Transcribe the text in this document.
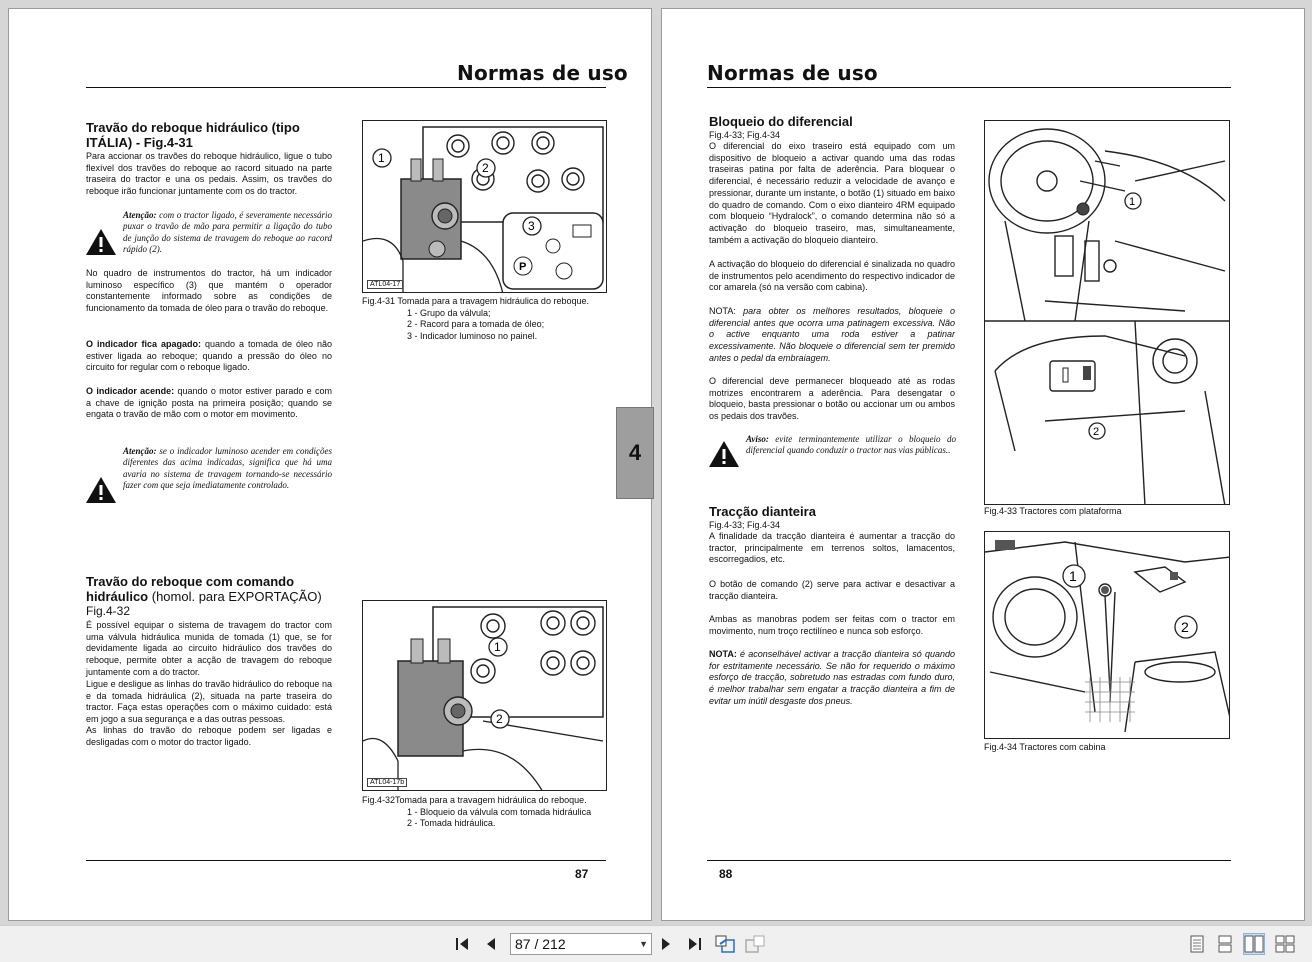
Normas de uso
Travão do reboque hidráulico (tipo
ITÁLIA) - Fig.4-31
Para accionar os travões do reboque hidráulico, ligue o tubo flexível dos travões do reboque ao racord situado na parte traseira do tractor e una os pedais. Assim, os travões do reboque irão funcionar juntamente com os do tractor.
Atenção: com o tractor ligado, é severamente necessário puxar o travão de mão para permitir a ligação do tubo de junção do sistema de travagem do reboque ao racord rápido (2).
No quadro de instrumentos do tractor, há um indicador luminoso específico (3) que mantém o operador constantemente informado sobre as condições de funcionamento da tomada de óleo para o travão do reboque.
O indicador fica apagado: quando a tomada de óleo não estiver ligada ao reboque; quando a pressão do óleo no circuito for regular com o reboque ligado.
O indicador acende: quando o motor estiver parado e com a chave de ignição posta na primeira posição; quando se engata o travão de mão com o motor em movimento.
Atenção: se o indicador luminoso acender em condições diferentes das acima indicadas, significa que há uma avaria no sistema de travagem tornando-se necessário fazer com que seja imediatamente controlado.
P
1
2
3
ATL04-17
Fig.4-31 Tomada para a travagem hidráulica do reboque.
1 - Grupo da válvula;
2 - Racord para a tomada de óleo;
3 - Indicador luminoso no painel.
Travão do reboque com comando
hidráulico (homol. para EXPORTAÇÃO)
Fig.4-32
É possível equipar o sistema de travagem do tractor com uma válvula hidráulica munida de tomada (1) que, se for devidamente ligada ao circuito hidráulico dos travões do reboque, permite obter a acção de travagem do reboque juntamente com a do tractor.
Ligue e desligue as linhas do travão hidráulico do reboque na e da tomada hidráulica (2), situada na parte traseira do tractor. Faça estas operações com o máximo cuidado: está em jogo a sua segurança e a das outras pessoas.
As linhas do travão do reboque podem ser ligadas e desligadas com o motor do tractor ligado.
1
2
ATL04-17b
Fig.4-32Tomada para a travagem hidráulica do reboque.
1 - Bloqueio da válvula com tomada hidráulica
2 - Tomada hidráulica.
87
4
Normas de uso
Bloqueio do diferencial
Fig.4-33; Fig.4-34
O diferencial do eixo traseiro está equipado com um dispositivo de bloqueio a activar quando uma das rodas traseiras patina por falta de aderência. Para bloquear o diferencial, é necessário reduzir a velocidade de avanço e pressionar, durante um instante, o botão (1) situado em baixo do quadro de comando. Com o eixo dianteiro 4RM equipado com bloqueio “Hydralock”, o comando determina não só a activação do bloqueio traseiro, mas, simultaneamente, também a activação do bloqueio dianteiro.
A activação do bloqueio do diferencial é sinalizada no quadro de instrumentos pelo acendimento do respectivo indicador de cor amarela (só na versão com cabina).
NOTA: para obter os melhores resultados, bloqueie o diferencial antes que ocorra uma patinagem excessiva. Não o active enquanto uma roda estiver a patinar excessivamente. Não bloqueie o diferencial sem ter premido antes o pedal da embraiagem.
O diferencial deve permanecer bloqueado até as rodas motrizes encontrarem a aderência. Para desengatar o bloqueio, basta pressionar o botão ou accionar um ou ambos os pedais dos travões.
Aviso: evite terminantemente utilizar o bloqueio do diferencial quando conduzir o tractor nas vias públicas..
Tracção dianteira
Fig.4-33; Fig.4-34
A finalidade da tracção dianteira é aumentar a tracção do tractor, principalmente em terrenos soltos, lamacentos, escorregadios, etc.
O botão de comando (2) serve para activar e desactivar a tracção dianteira.
Ambas as manobras podem ser feitas com o tractor em movimento, num troço rectilíneo e nunca sob esforço.
NOTA: é aconselhável activar a tracção dianteira só quando for estritamente necessário. Se não for requerido o máximo esforço de tracção, sobretudo nas estradas com fundo duro, é melhor trabalhar sem engatar a tracção dianteira a fim de evitar um inútil desgaste dos pneus.
1
2
Fig.4-33 Tractores com plataforma
1
2
Fig.4-34 Tractores com cabina
88
87 / 212	▼
